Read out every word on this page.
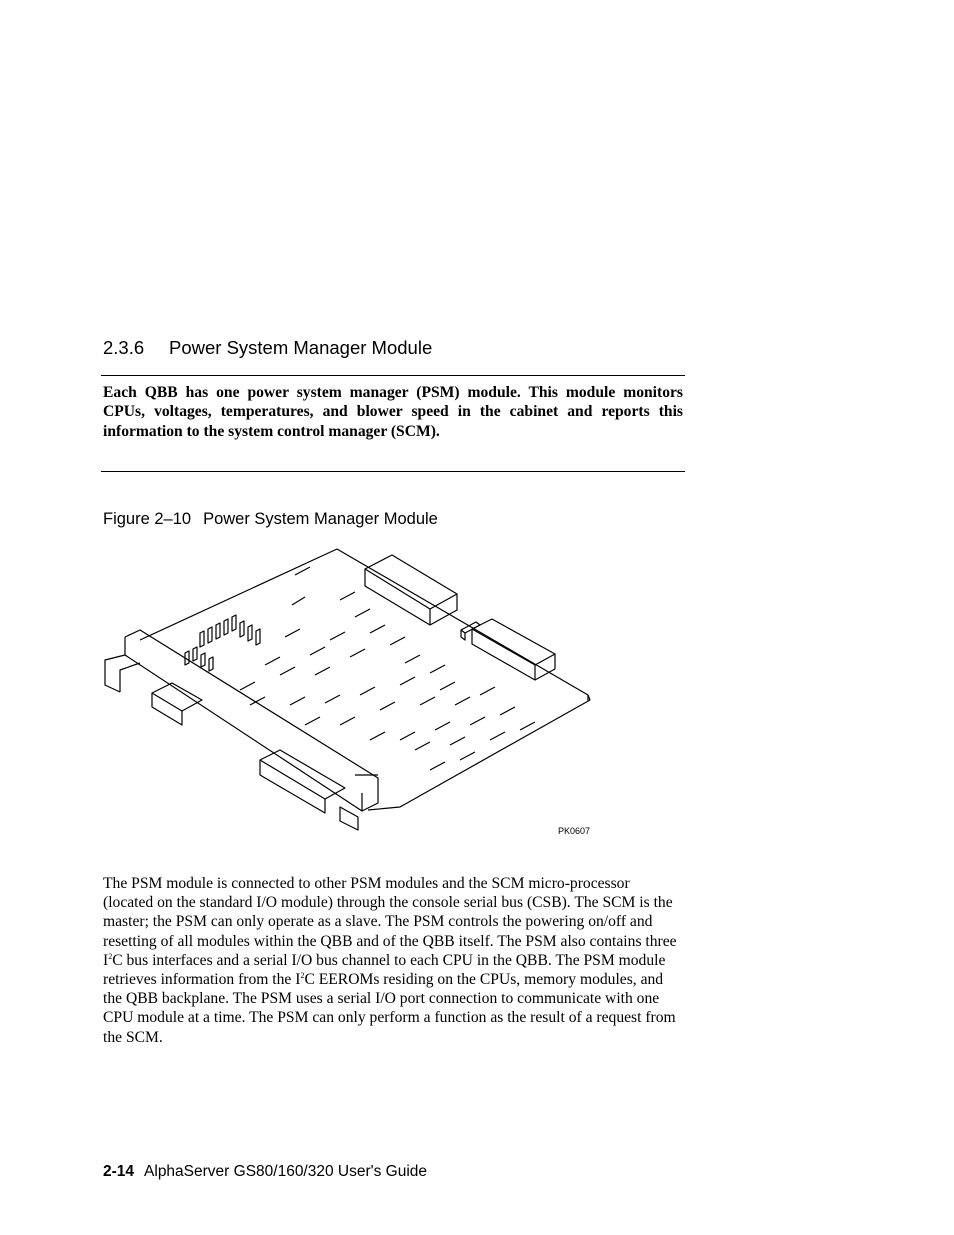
2.3.6 Power System Manager Module
Each QBB has one power system manager (PSM) module. This module monitors CPUs, voltages, temperatures, and blower speed in the cabinet and reports this information to the system control manager (SCM).
Figure 2–10 Power System Manager Module
PK0607

The PSM module is connected to other PSM modules and the SCM micro-processor (located on the standard I/O module) through the console serial bus (CSB). The SCM is the master; the PSM can only operate as a slave. The PSM controls the powering on/off and resetting of all modules within the QBB and of the QBB itself. The PSM also contains three $I^2C$ bus interfaces and a serial I/O bus channel to each CPU in the QBB. The PSM module retrieves information from the $I^2C$ EEROMs residing on the CPUs, memory modules, and the QBB backplane. The PSM uses a serial I/O port connection to communicate with one CPU module at a time. The PSM can only perform a function as the result of a request from the SCM.

2-14 AlphaServer GS80/160/320 User's Guide
